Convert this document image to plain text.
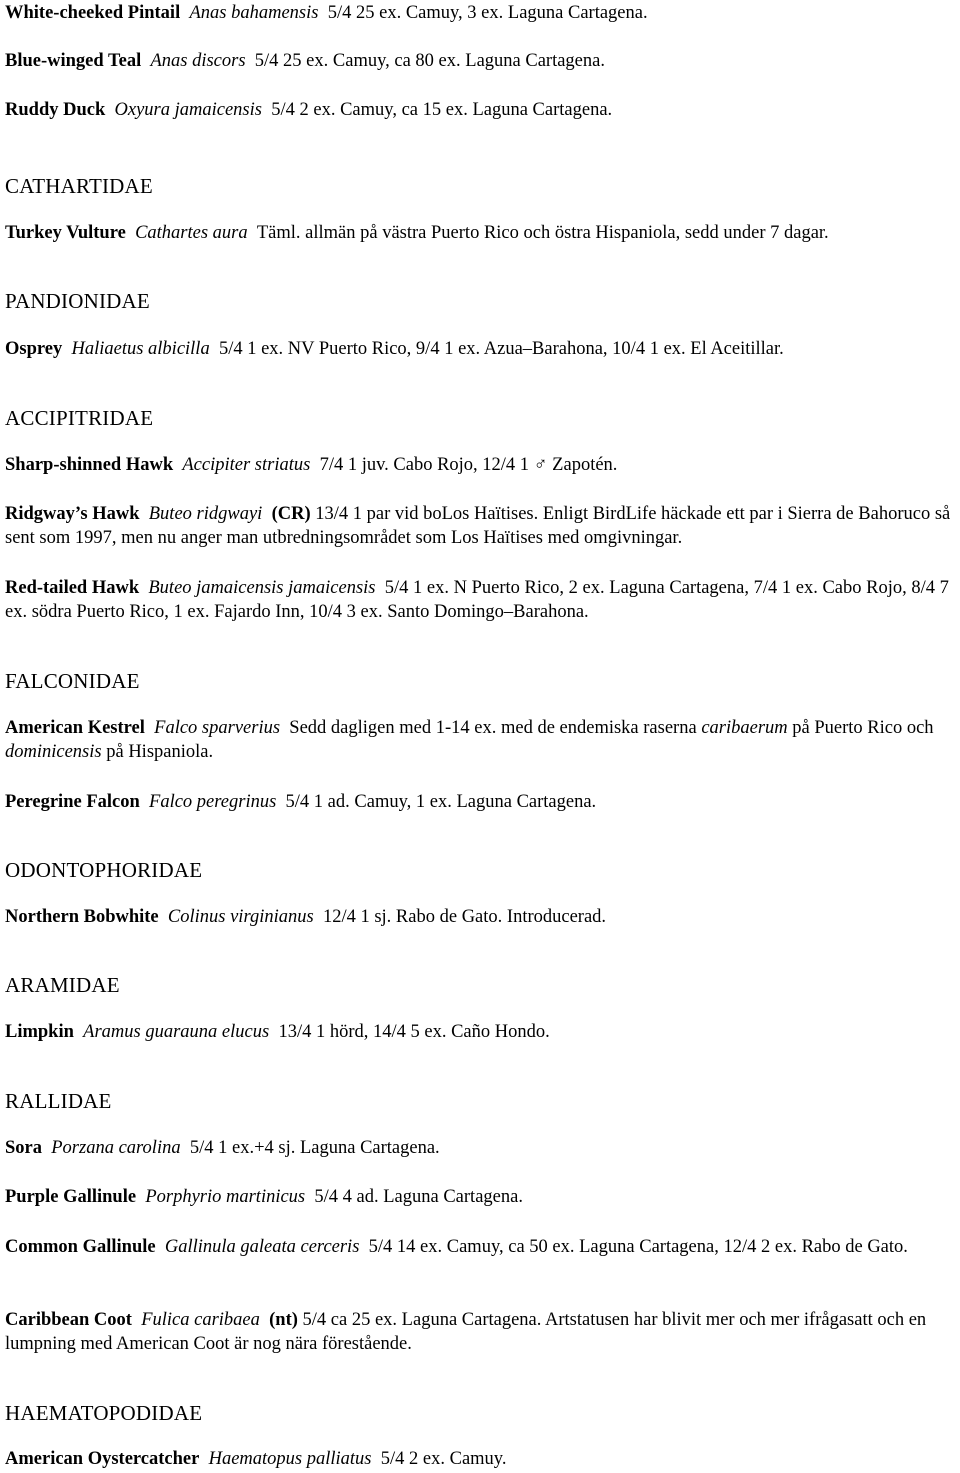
White-cheeked Pintail Anas bahamensis 5/4 25 ex. Camuy, 3 ex. Laguna Cartagena.
Blue-winged Teal Anas discors 5/4 25 ex. Camuy, ca 80 ex. Laguna Cartagena.
Ruddy Duck Oxyura jamaicensis 5/4 2 ex. Camuy, ca 15 ex. Laguna Cartagena.
CATHARTIDAE
Turkey Vulture Cathartes aura Täml. allmän på västra Puerto Rico och östra Hispaniola, sedd under 7 dagar.
PANDIONIDAE
Osprey Haliaetus albicilla 5/4 1 ex. NV Puerto Rico, 9/4 1 ex. Azua–Barahona, 10/4 1 ex. El Aceitillar.
ACCIPITRIDAE
Sharp-shinned Hawk Accipiter striatus 7/4 1 juv. Cabo Rojo, 12/4 1 ♂ Zapotén.
Ridgway’s Hawk Buteo ridgwayi (CR) 13/4 1 par vid boLos Haïtises. Enligt BirdLife häckade ett par i Sierra de Bahoruco så sent som 1997, men nu anger man utbredningsområdet som Los Haïtises med omgivningar.
Red-tailed Hawk Buteo jamaicensis jamaicensis 5/4 1 ex. N Puerto Rico, 2 ex. Laguna Cartagena, 7/4 1 ex. Cabo Rojo, 8/4 7 ex. södra Puerto Rico, 1 ex. Fajardo Inn, 10/4 3 ex. Santo Domingo–Barahona.
FALCONIDAE
American Kestrel Falco sparverius Sedd dagligen med 1-14 ex. med de endemiska raserna caribaerum på Puerto Rico och dominicensis på Hispaniola.
Peregrine Falcon Falco peregrinus 5/4 1 ad. Camuy, 1 ex. Laguna Cartagena.
ODONTOPHORIDAE
Northern Bobwhite Colinus virginianus 12/4 1 sj. Rabo de Gato. Introducerad.
ARAMIDAE
Limpkin Aramus guarauna elucus 13/4 1 hörd, 14/4 5 ex. Caño Hondo.
RALLIDAE
Sora Porzana carolina 5/4 1 ex.+4 sj. Laguna Cartagena.
Purple Gallinule Porphyrio martinicus 5/4 4 ad. Laguna Cartagena.
Common Gallinule Gallinula galeata cerceris 5/4 14 ex. Camuy, ca 50 ex. Laguna Cartagena, 12/4 2 ex. Rabo de Gato.
Caribbean Coot Fulica caribaea (nt) 5/4 ca 25 ex. Laguna Cartagena. Artstatusen har blivit mer och mer ifrågasatt och en lumpning med American Coot är nog nära förestående.
HAEMATOPODIDAE
American Oystercatcher Haematopus palliatus 5/4 2 ex. Camuy.
